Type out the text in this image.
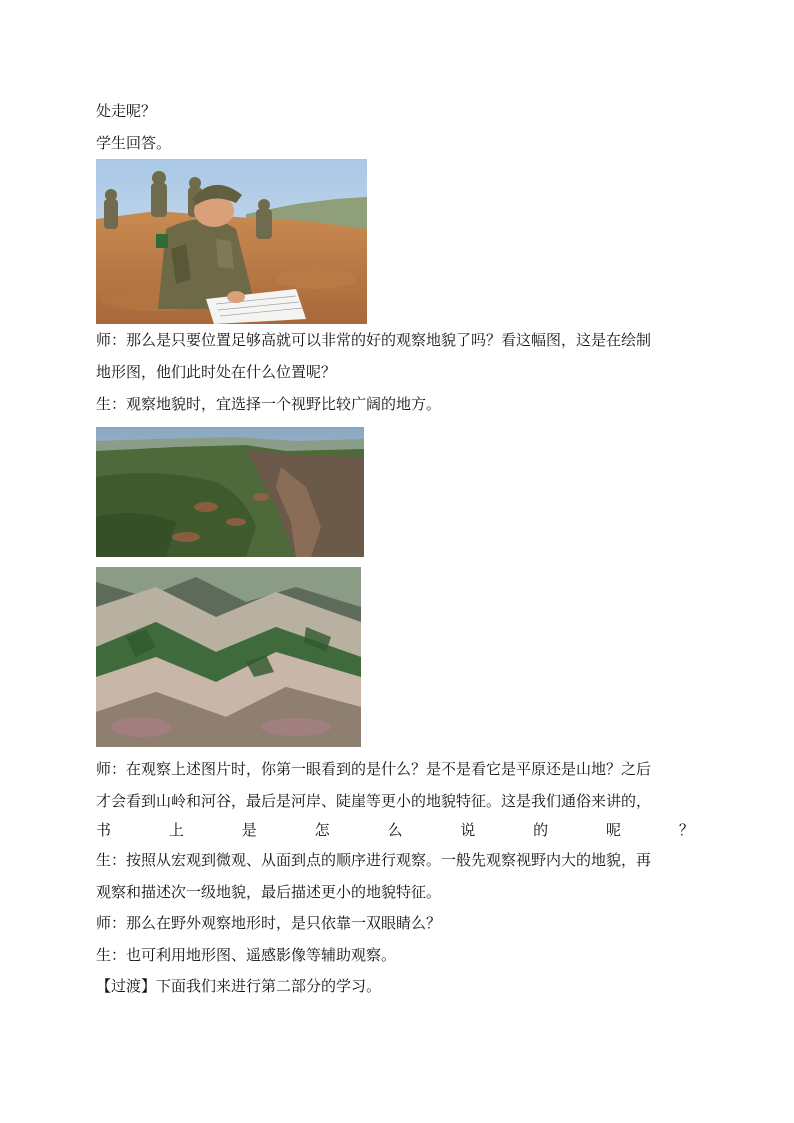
处走呢？
学生回答。
师：那么是只要位置足够高就可以非常的好的观察地貌了吗？看这幅图，这是在绘制
地形图，他们此时处在什么位置呢？
生：观察地貌时，宜选择一个视野比较广阔的地方。
师：在观察上述图片时，你第一眼看到的是什么？是不是看它是平原还是山地？之后
才会看到山岭和河谷，最后是河岸、陡崖等更小的地貌特征。这是我们通俗来讲的，
书	上	是	怎	么	说	的	呢	？
生：按照从宏观到微观、从面到点的顺序进行观察。一般先观察视野内大的地貌，再
观察和描述次一级地貌，最后描述更小的地貌特征。
师：那么在野外观察地形时，是只依靠一双眼睛么？
生：也可利用地形图、遥感影像等辅助观察。
【过渡】下面我们来进行第二部分的学习。
